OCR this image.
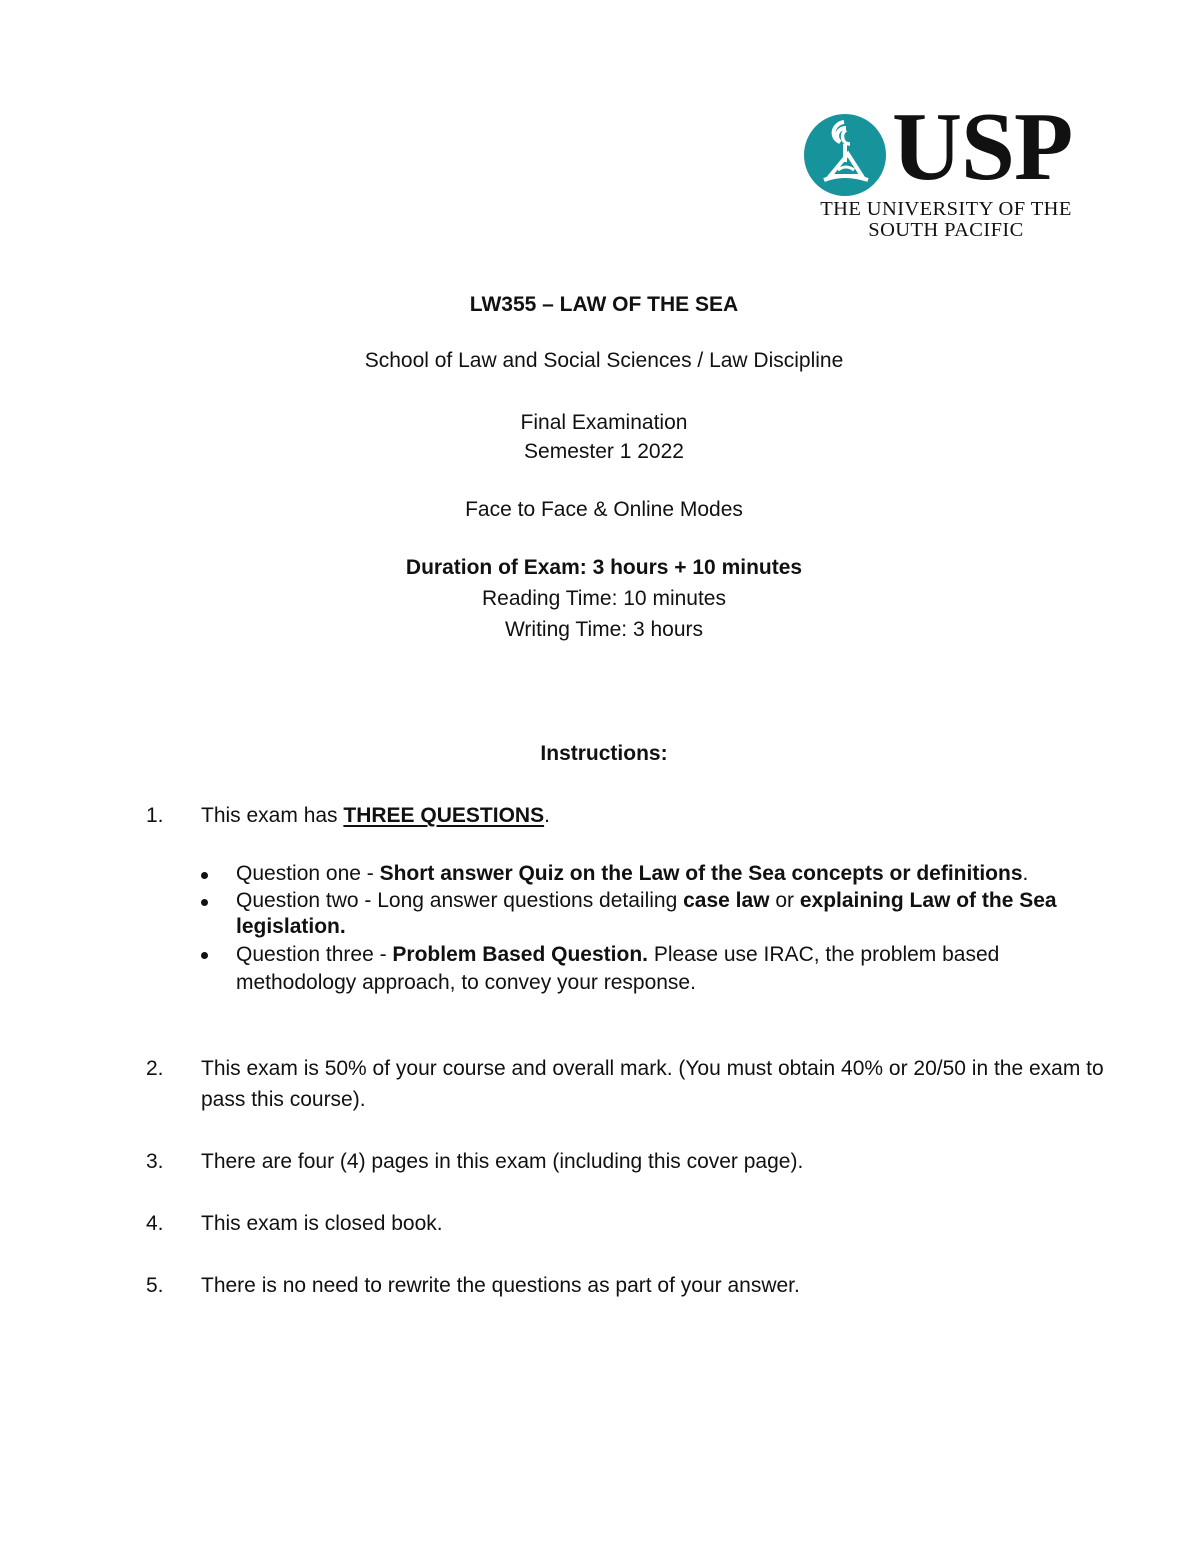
USP
THE UNIVERSITY OF THE
SOUTH PACIFIC
LW355 – LAW OF THE SEA
School of Law and Social Sciences / Law Discipline
Final Examination
Semester 1 2022
Face to Face & Online Modes
Duration of Exam: 3 hours + 10 minutes
Reading Time: 10 minutes
Writing Time: 3 hours
Instructions:
1. This exam has THREE QUESTIONS.
Question one - Short answer Quiz on the Law of the Sea concepts or definitions.
Question two - Long answer questions detailing case law or explaining Law of the Sea legislation.
Question three - Problem Based Question. Please use IRAC, the problem based methodology approach, to convey your response.
2. This exam is 50% of your course and overall mark. (You must obtain 40% or 20/50 in the exam to pass this course).
3. There are four (4) pages in this exam (including this cover page).
4. This exam is closed book.
5. There is no need to rewrite the questions as part of your answer.
